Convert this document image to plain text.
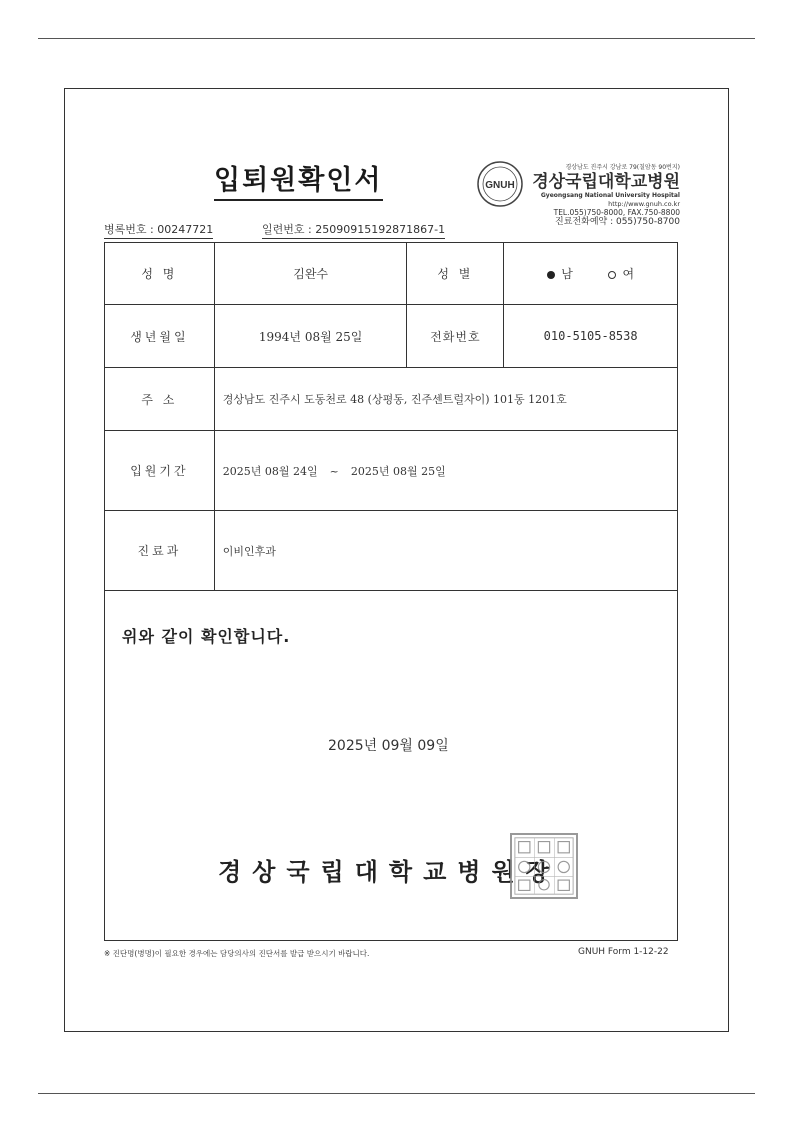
입퇴원확인서	GNUH
경상남도 진주시 강남로 79(칠암동 90번지)
경상국립대학교병원
Gyeongsang National University Hospital
http://www.gnuh.co.kr
TEL.055)750-8000, FAX.750-8800
진료전화예약 : 055)750-8700
병록번호 : 00247721	일련번호 : 25090915192871867-1
성 명	김완수	성 별	남 여
생년월일	1994년 08월 25일	전화번호	010-5105-8538
주 소	경상남도 진주시 도동천로 48 (상평동, 진주센트럴자이) 101동 1201호		
입원기간	2025년 08월 24일 ~ 2025년 08월 25일		
진료과	이비인후과		
위와 같이 확인합니다.
2025년 09월 09일
경상국립대학교병원장
※ 진단명(병명)이 필요한 경우에는 담당의사의 진단서를 발급 받으시기 바랍니다.	GNUH Form 1-12-22
